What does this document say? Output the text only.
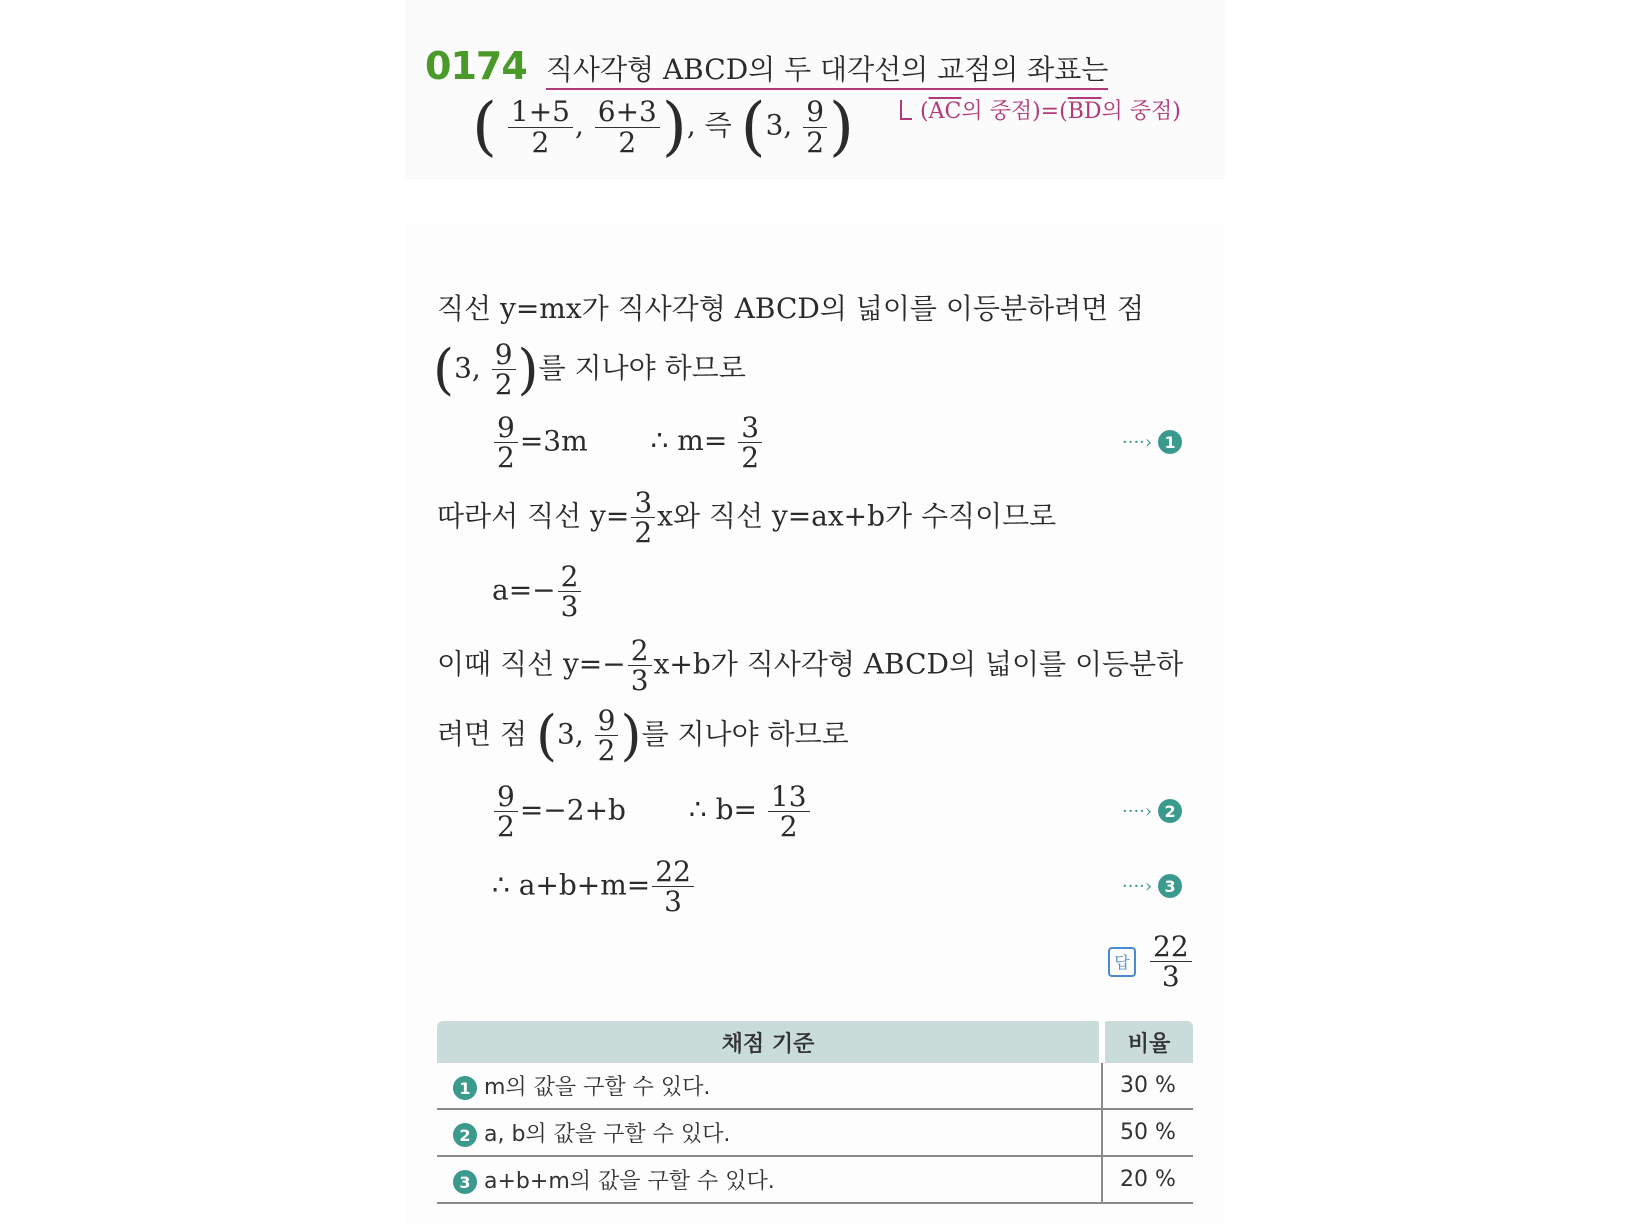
0174 직사각형 ABCD의 두 대각선의 교점의 좌표는
($\overline{AC}$의 중점)$=(\overline{BD}$의 중점)
( $\frac{1+5}{2}$ , $\frac{6+3}{2}$ ), 즉 (3, $\frac{9}{2}$ )
직선 y=mx가 직사각형 ABCD의 넓이를 이등분하려면 점
(3, $\frac{9}{2}$ )를 지나야 하므로
$\frac{9}{2} =3m$ ∴ $m= \frac{3}{2}$	····› 1
따라서 직선 $y= \frac{3}{2}$ x와 직선 y=ax+b가 수직이므로
$a=- \frac{2}{3}$
이때 직선 $y=- \frac{2}{3} x+b$가 직사각형 ABCD의 넓이를 이등분하
려면 점 (3, $\frac{9}{2}$ )를 지나야 하므로
$\frac{9}{2} =-2+b$ ∴ $b= \frac{13}{2}$	····› 2
∴ $a+b+m= \frac{22}{3}$	····› 3
답 $\frac{22}{3}$
채점 기준	비율
1 m의 값을 구할 수 있다.	30 %
2 a, b의 값을 구할 수 있다.	50 %
3 a+b+m의 값을 구할 수 있다.	20 %
